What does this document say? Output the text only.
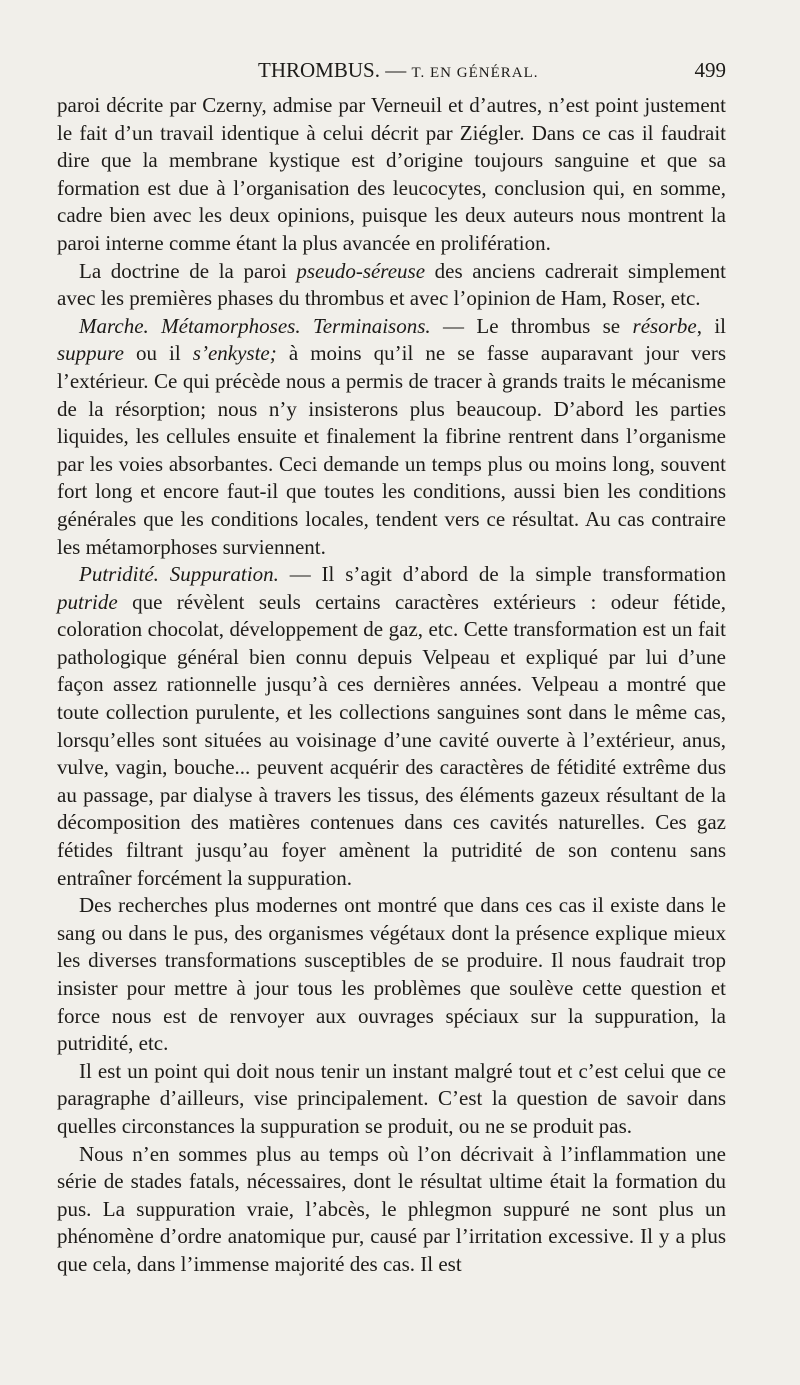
THROMBUS. — T. EN GÉNÉRAL.	499

paroi décrite par Czerny, admise par Verneuil et d’autres, n’est point justement le fait d’un travail identique à celui décrit par Ziégler. Dans ce cas il faudrait dire que la membrane kystique est d’origine toujours sanguine et que sa formation est due à l’organisation des leucocytes, conclusion qui, en somme, cadre bien avec les deux opinions, puisque les deux auteurs nous montrent la paroi interne comme étant la plus avancée en prolifération.

La doctrine de la paroi pseudo-séreuse des anciens cadrerait simplement avec les premières phases du thrombus et avec l’opinion de Ham, Roser, etc.

Marche. Métamorphoses. Terminaisons. — Le thrombus se résorbe, il suppure ou il s’enkyste; à moins qu’il ne se fasse auparavant jour vers l’extérieur. Ce qui précède nous a permis de tracer à grands traits le mécanisme de la résorption; nous n’y insisterons plus beaucoup. D’abord les parties liquides, les cellules ensuite et finalement la fibrine rentrent dans l’organisme par les voies absorbantes. Ceci demande un temps plus ou moins long, souvent fort long et encore faut-il que toutes les conditions, aussi bien les conditions générales que les conditions locales, tendent vers ce résultat. Au cas contraire les métamorphoses surviennent.

Putridité. Suppuration. — Il s’agit d’abord de la simple transformation putride que révèlent seuls certains caractères extérieurs : odeur fétide, coloration chocolat, développement de gaz, etc. Cette transformation est un fait pathologique général bien connu depuis Velpeau et expliqué par lui d’une façon assez rationnelle jusqu’à ces dernières années. Velpeau a montré que toute collection purulente, et les collections sanguines sont dans le même cas, lorsqu’elles sont situées au voisinage d’une cavité ouverte à l’extérieur, anus, vulve, vagin, bouche... peuvent acquérir des caractères de fétidité extrême dus au passage, par dialyse à travers les tissus, des éléments gazeux résultant de la décomposition des matières contenues dans ces cavités naturelles. Ces gaz fétides filtrant jusqu’au foyer amènent la putridité de son contenu sans entraîner forcément la suppuration.

Des recherches plus modernes ont montré que dans ces cas il existe dans le sang ou dans le pus, des organismes végétaux dont la présence explique mieux les diverses transformations susceptibles de se produire. Il nous faudrait trop insister pour mettre à jour tous les problèmes que soulève cette question et force nous est de renvoyer aux ouvrages spéciaux sur la suppuration, la putridité, etc.

Il est un point qui doit nous tenir un instant malgré tout et c’est celui que ce paragraphe d’ailleurs, vise principalement. C’est la question de savoir dans quelles circonstances la suppuration se produit, ou ne se produit pas.

Nous n’en sommes plus au temps où l’on décrivait à l’inflammation une série de stades fatals, nécessaires, dont le résultat ultime était la formation du pus. La suppuration vraie, l’abcès, le phlegmon suppuré ne sont plus un phénomène d’ordre anatomique pur, causé par l’irritation excessive. Il y a plus que cela, dans l’immense majorité des cas. Il est
